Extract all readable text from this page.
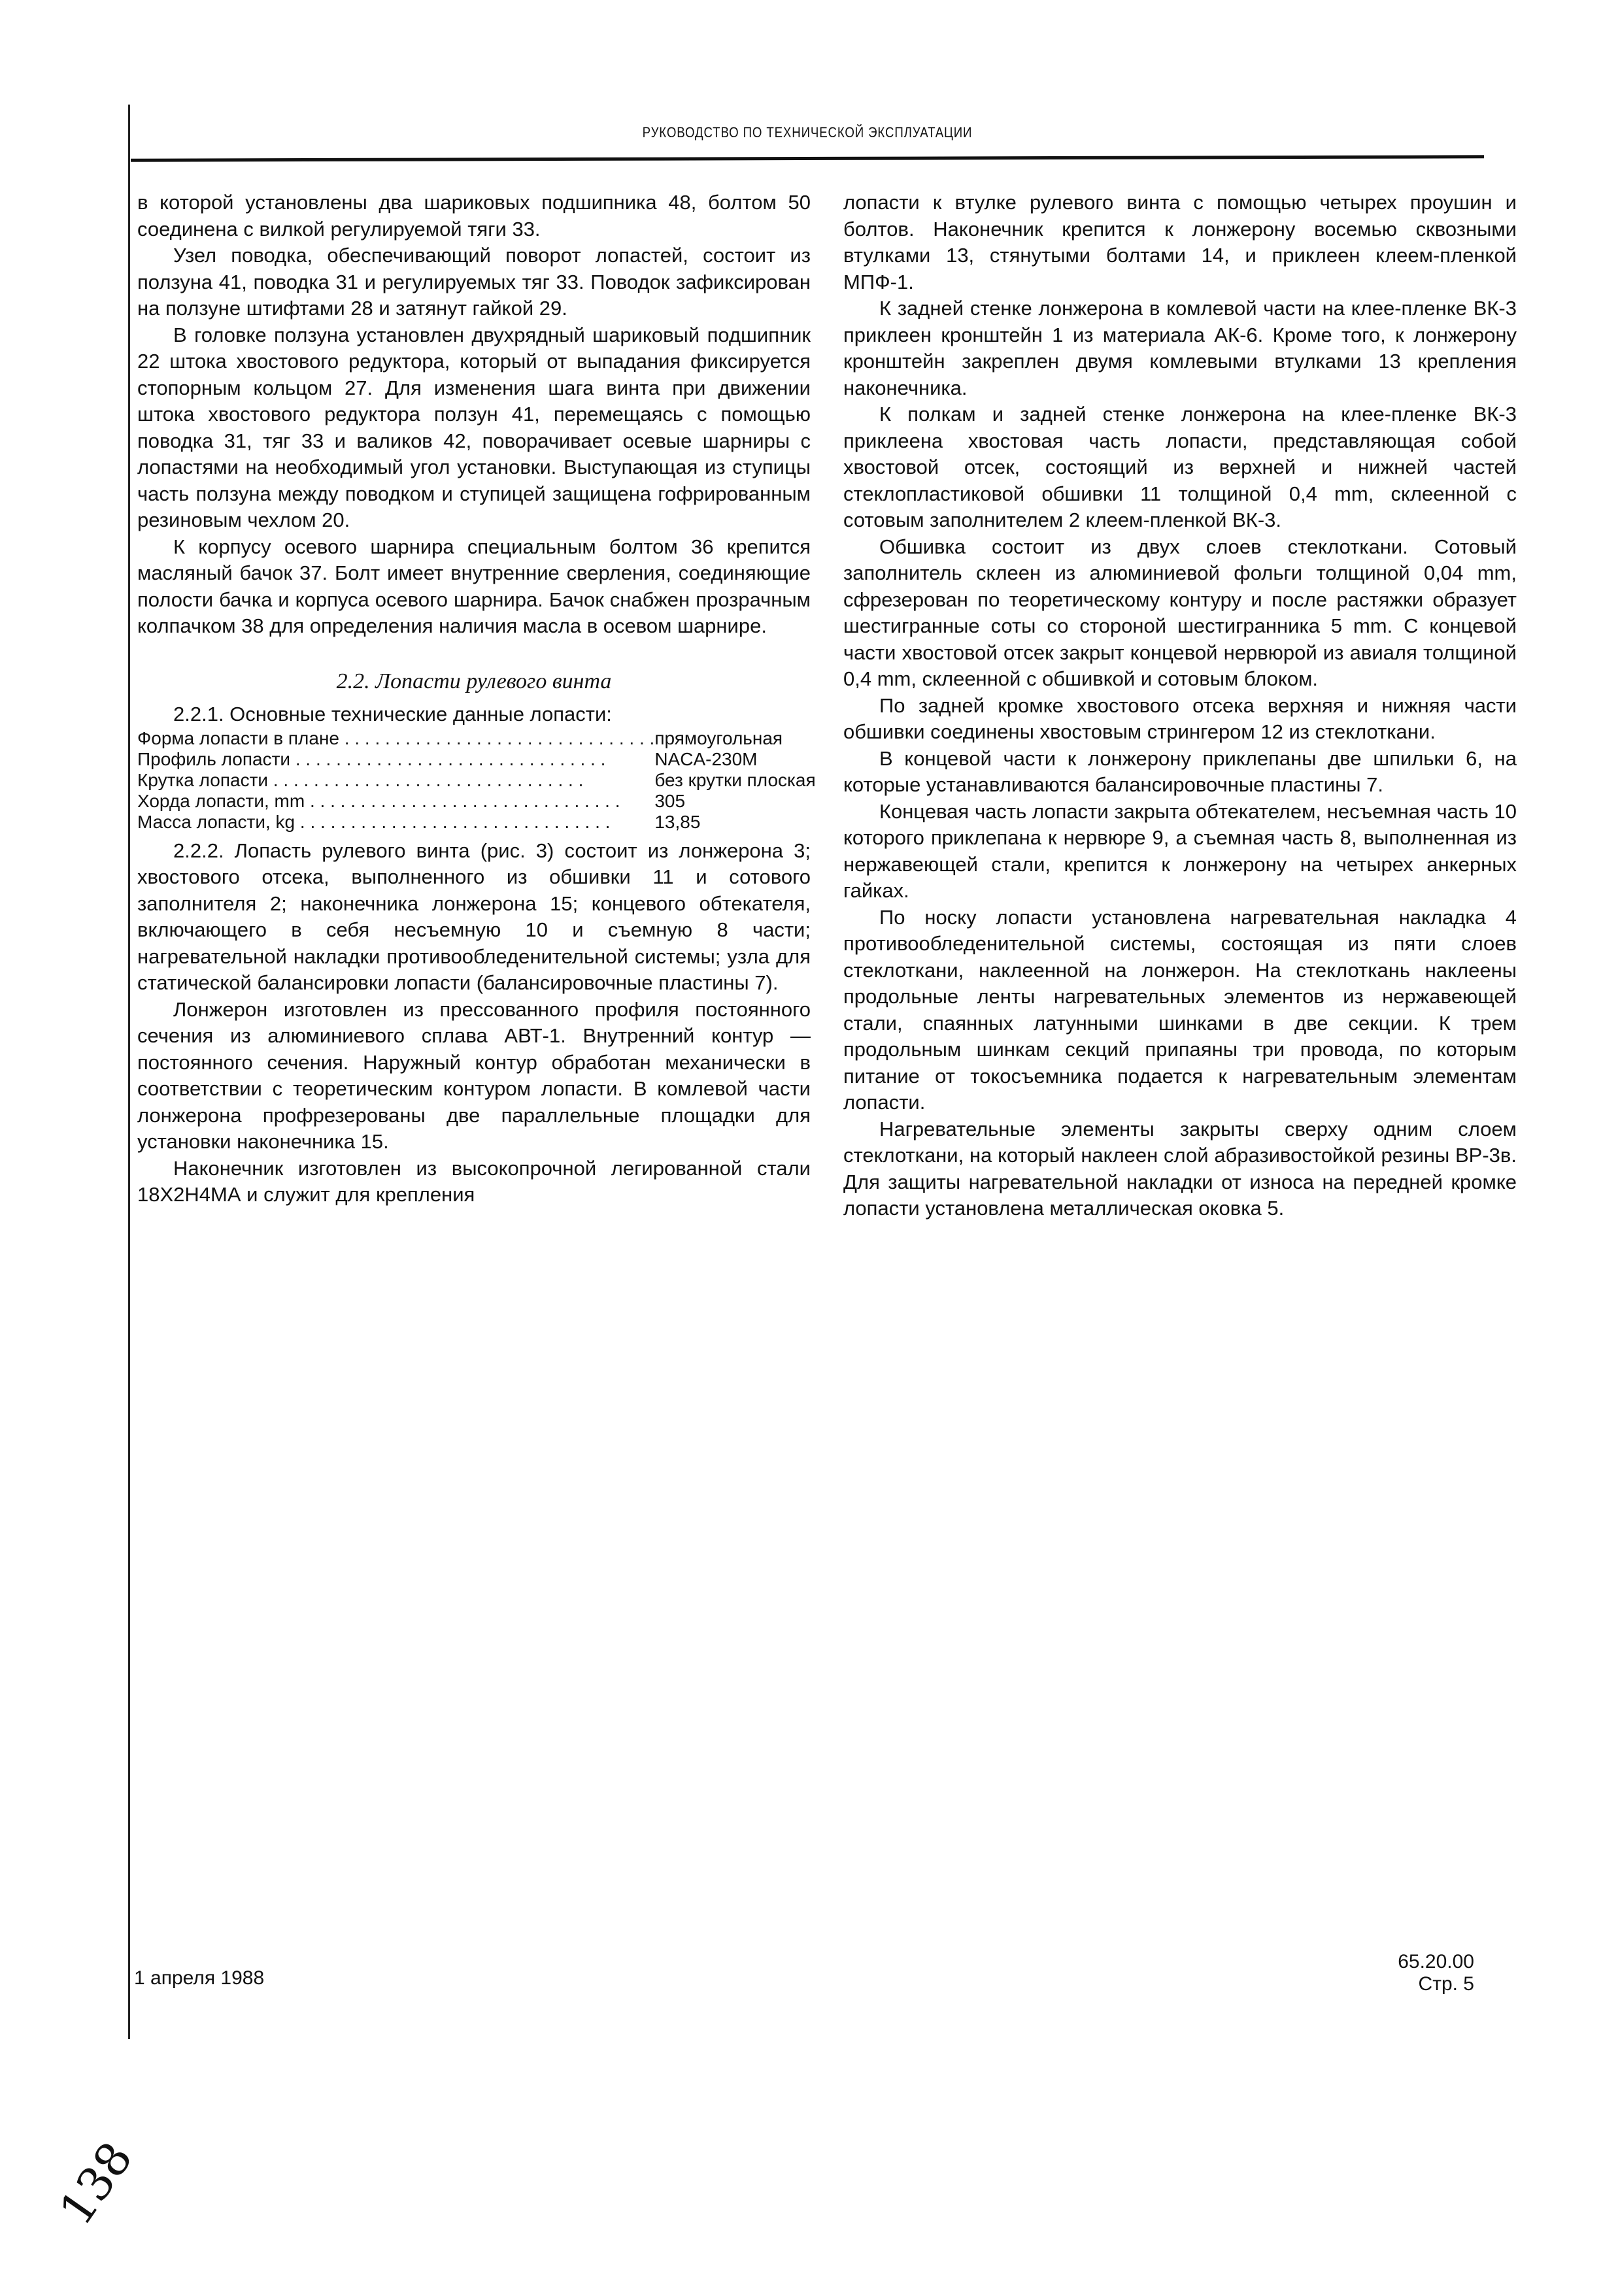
РУКОВОДСТВО ПО ТЕХНИЧЕСКОЙ ЭКСПЛУАТАЦИИ

в которой установлены два шариковых подшипника 48, болтом 50 соединена с вилкой регулируемой тяги 33.

Узел поводка, обеспечивающий поворот лопастей, состоит из ползуна 41, поводка 31 и регулируемых тяг 33. Поводок зафиксирован на ползуне штифтами 28 и затянут гайкой 29.

В головке ползуна установлен двухрядный шариковый подшипник 22 штока хвостового редуктора, который от выпадания фиксируется стопорным кольцом 27. Для изменения шага винта при движении штока хвостового редуктора ползун 41, перемещаясь с помощью поводка 31, тяг 33 и валиков 42, поворачивает осевые шарниры с лопастями на необходимый угол установки. Выступающая из ступицы часть ползуна между поводком и ступицей защищена гофрированным резиновым чехлом 20.

К корпусу осевого шарнира специальным болтом 36 крепится масляный бачок 37. Болт имеет внутренние сверления, соединяющие полости бачка и корпуса осевого шарнира. Бачок снабжен прозрачным колпачком 38 для определения наличия масла в осевом шарнире.

2.2. Лопасти рулевого винта

2.2.1. Основные технические данные лопасти:

Форма лопасти в плане . . .	прямоугольная
Профиль лопасти . . .	NACA-230M
Крутка лопасти . . .	без крутки плоская
Хорда лопасти, mm . . .	305
Масса лопасти, kg . . .	13,85

2.2.2. Лопасть рулевого винта (рис. 3) состоит из лонжерона 3; хвостового отсека, выполненного из обшивки 11 и сотового заполнителя 2; наконечника лонжерона 15; концевого обтекателя, включающего в себя несъемную 10 и съемную 8 части; нагревательной накладки противообледенительной системы; узла для статической балансировки лопасти (балансировочные пластины 7).

Лонжерон изготовлен из прессованного профиля постоянного сечения из алюминиевого сплава АВТ-1. Внутренний контур — постоянного сечения. Наружный контур обработан механически в соответствии с теоретическим контуром лопасти. В комлевой части лонжерона профрезерованы две параллельные площадки для установки наконечника 15.

Наконечник изготовлен из высокопрочной легированной стали 18Х2Н4МА и служит для крепления

лопасти к втулке рулевого винта с помощью четырех проушин и болтов. Наконечник крепится к лонжерону восемью сквозными втулками 13, стянутыми болтами 14, и приклеен клеем-пленкой МПФ-1.

К задней стенке лонжерона в комлевой части на клее-пленке ВК-3 приклеен кронштейн 1 из материала АК-6. Кроме того, к лонжерону кронштейн закреплен двумя комлевыми втулками 13 крепления наконечника.

К полкам и задней стенке лонжерона на клее-пленке ВК-3 приклеена хвостовая часть лопасти, представляющая собой хвостовой отсек, состоящий из верхней и нижней частей стеклопластиковой обшивки 11 толщиной 0,4 mm, склеенной с сотовым заполнителем 2 клеем-пленкой ВК-3.

Обшивка состоит из двух слоев стеклоткани. Сотовый заполнитель склеен из алюминиевой фольги толщиной 0,04 mm, сфрезерован по теоретическому контуру и после растяжки образует шестигранные соты со стороной шестигранника 5 mm. С концевой части хвостовой отсек закрыт концевой нервюрой из авиаля толщиной 0,4 mm, склеенной с обшивкой и сотовым блоком.

По задней кромке хвостового отсека верхняя и нижняя части обшивки соединены хвостовым стрингером 12 из стеклоткани.

В концевой части к лонжерону приклепаны две шпильки 6, на которые устанавливаются балансировочные пластины 7.

Концевая часть лопасти закрыта обтекателем, несъемная часть 10 которого приклепана к нервюре 9, а съемная часть 8, выполненная из нержавеющей стали, крепится к лонжерону на четырех анкерных гайках.

По носку лопасти установлена нагревательная накладка 4 противообледенительной системы, состоящая из пяти слоев стеклоткани, наклеенной на лонжерон. На стеклоткань наклеены продольные ленты нагревательных элементов из нержавеющей стали, спаянных латунными шинками в две секции. К трем продольным шинкам секций припаяны три провода, по которым питание от токосъемника подается к нагревательным элементам лопасти.

Нагревательные элементы закрыты сверху одним слоем стеклоткани, на который наклеен слой абразивостойкой резины ВР-3в. Для защиты нагревательной накладки от износа на передней кромке лопасти установлена металлическая оковка 5.

1 апреля 1988
65.20.00
Стр. 5
138
